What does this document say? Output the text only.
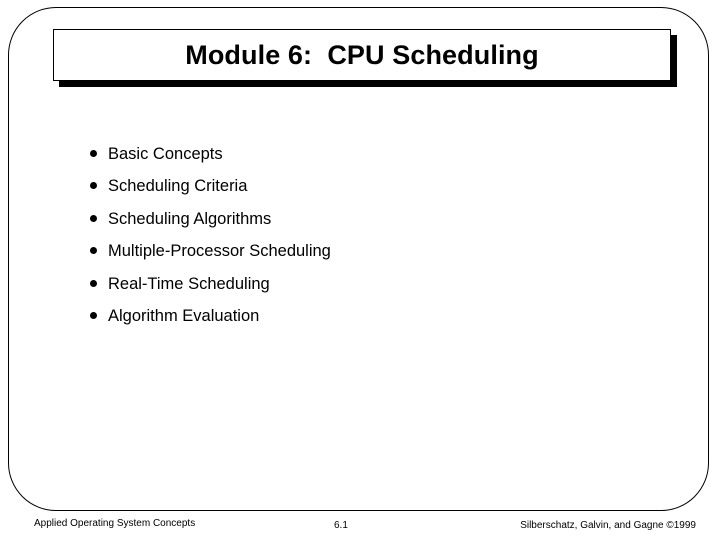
Module 6:  CPU Scheduling
Basic Concepts
Scheduling Criteria
Scheduling Algorithms
Multiple-Processor Scheduling
Real-Time Scheduling
Algorithm Evaluation
Applied Operating System Concepts	6.1	Silberschatz, Galvin, and Gagne ©1999
